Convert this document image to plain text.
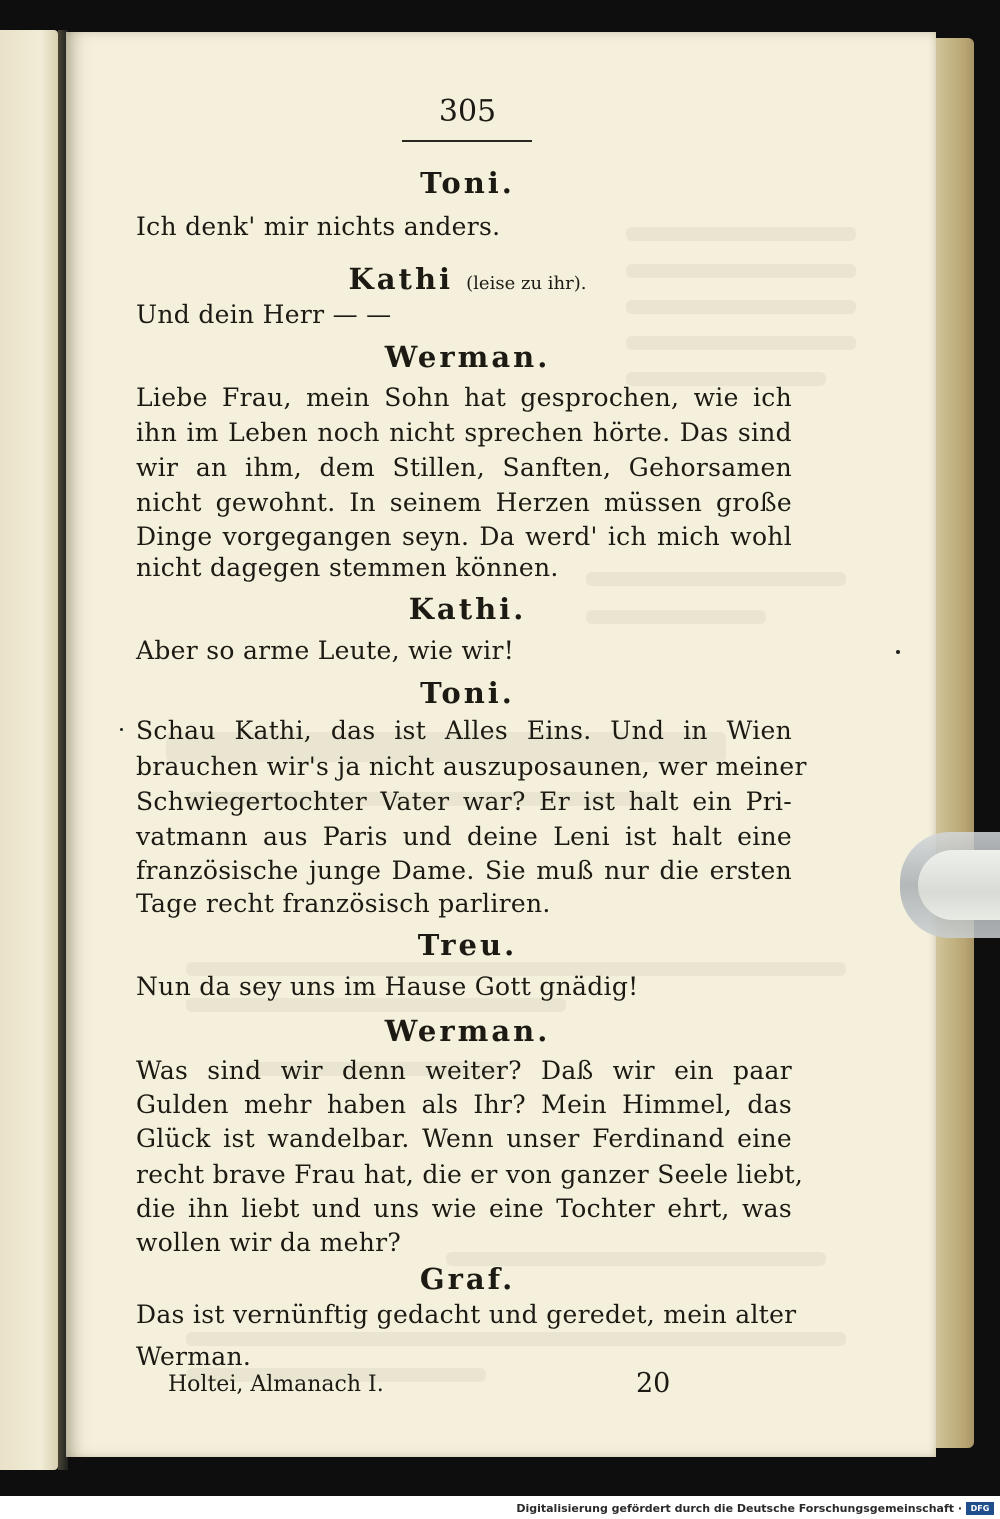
305
Toni.
Ich denk' mir nichts anders.
Kathi (leise zu ihr).
Und dein Herr — —
Werman.
Liebe Frau, mein Sohn hat gesprochen, wie ich
ihn im Leben noch nicht sprechen hörte. Das sind
wir an ihm, dem Stillen, Sanften, Gehorsamen
nicht gewohnt. In seinem Herzen müssen große
Dinge vorgegangen seyn. Da werd' ich mich wohl
nicht dagegen stemmen können.
Kathi.
Aber so arme Leute, wie wir!
Toni.
Schau Kathi, das ist Alles Eins. Und in Wien
brauchen wir's ja nicht auszuposaunen, wer meiner
Schwiegertochter Vater war? Er ist halt ein Pri-
vatmann aus Paris und deine Leni ist halt eine
französische junge Dame. Sie muß nur die ersten
Tage recht französisch parliren.
Treu.
Nun da sey uns im Hause Gott gnädig!
Werman.
Was sind wir denn weiter? Daß wir ein paar
Gulden mehr haben als Ihr? Mein Himmel, das
Glück ist wandelbar. Wenn unser Ferdinand eine
recht brave Frau hat, die er von ganzer Seele liebt,
die ihn liebt und uns wie eine Tochter ehrt, was
wollen wir da mehr?
Graf.
Das ist vernünftig gedacht und geredet, mein alter
Werman.
Holtei, Almanach I.	20
Digitalisierung gefördert durch die Deutsche Forschungsgemeinschaft ·	DFG
